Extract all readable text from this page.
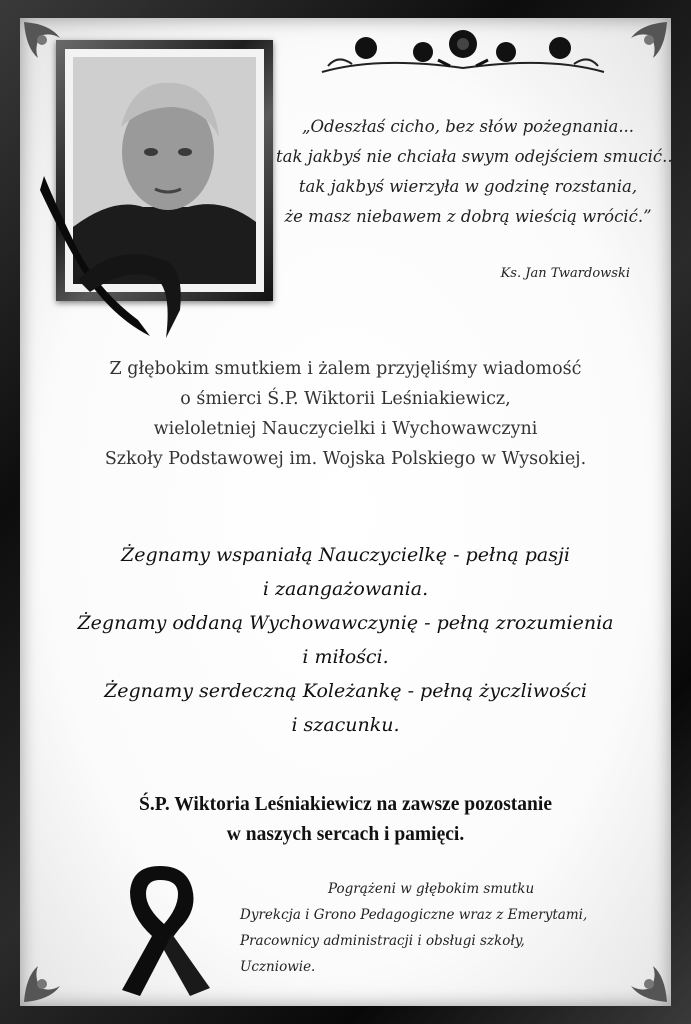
„Odeszłaś cicho, bez słów pożegnania...
tak jakbyś nie chciała swym odejściem smucić...
tak jakbyś wierzyła w godzinę rozstania,
że masz niebawem z dobrą wieścią wrócić.”
Ks. Jan Twardowski
Z głębokim smutkiem i żalem przyjęliśmy wiadomość
o śmierci Ś.P. Wiktorii Leśniakiewicz,
wieloletniej Nauczycielki i Wychowawczyni
Szkoły Podstawowej im. Wojska Polskiego w Wysokiej.
Żegnamy wspaniałą Nauczycielkę - pełną pasji
i zaangażowania.
Żegnamy oddaną Wychowawczynię - pełną zrozumienia
i miłości.
Żegnamy serdeczną Koleżankę - pełną życzliwości
i szacunku.
Ś.P. Wiktoria Leśniakiewicz na zawsze pozostanie
w naszych sercach i pamięci.
Pogrążeni w głębokim smutku
Dyrekcja i Grono Pedagogiczne wraz z Emerytami,
Pracownicy administracji i obsługi szkoły,
Uczniowie.
